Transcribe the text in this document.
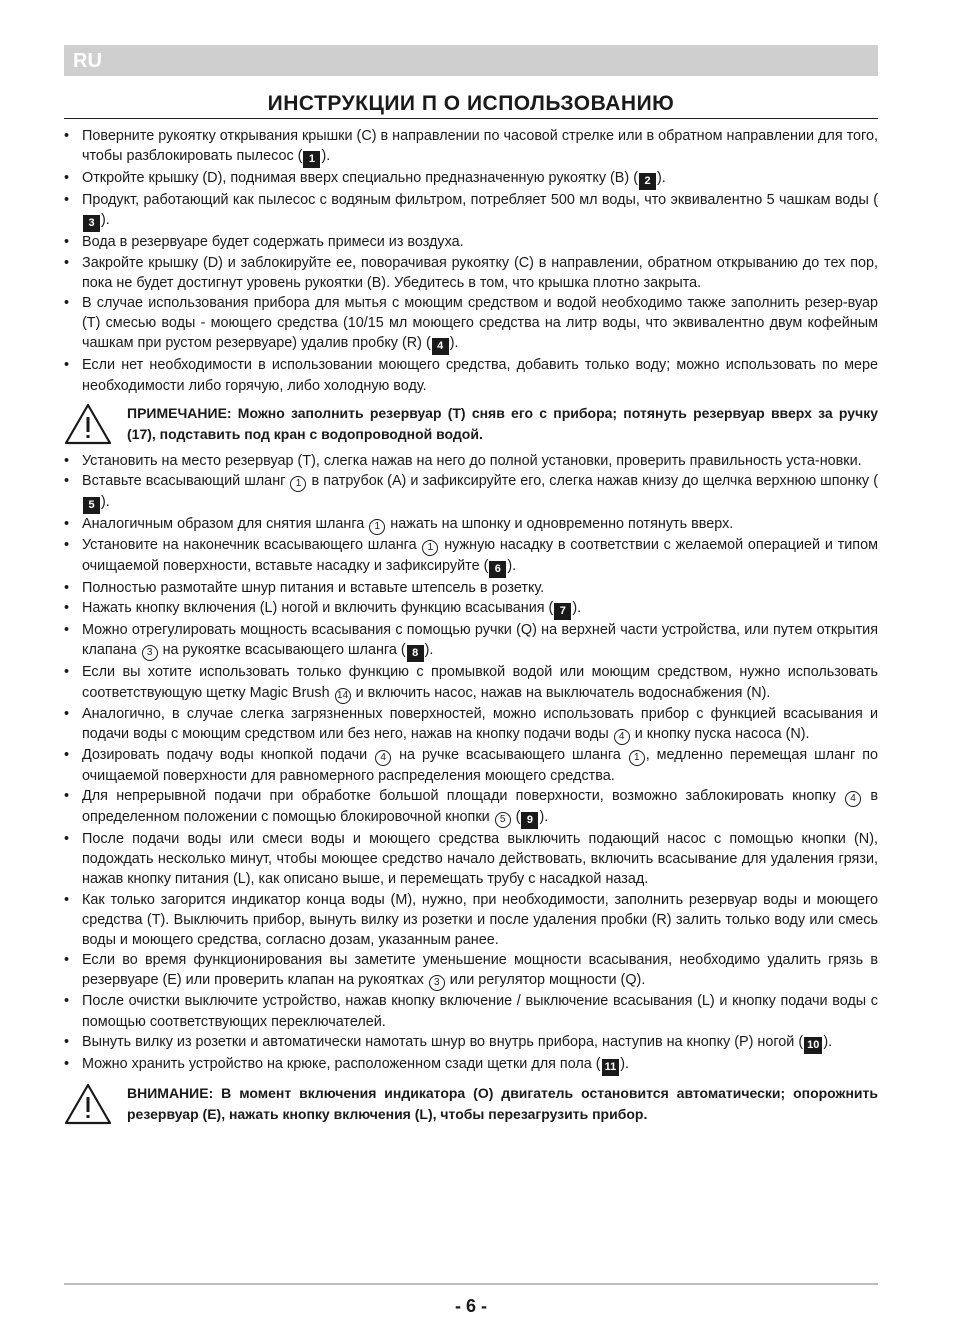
RU
ИНСТРУКЦИИ П О ИСПОЛЬЗОВАНИЮ
• Поверните рукоятку открывания крышки (C) в направлении по часовой стрелке или в обратном направлении для того, чтобы разблокировать пылесос ( 1 ).
• Откройте крышку (D), поднимая вверх специально предназначенную рукоятку (B) ( 2 ).
• Продукт, работающий как пылесос с водяным фильтром, потребляет 500 мл воды, что эквивалентно 5 чашкам воды (3 ).
• Вода в резервуаре будет содержать примеси из воздуха.
• Закройте крышку (D) и заблокируйте ее, поворачивая рукоятку (C) в направлении, обратном открыванию до тех пор, пока не будет достигнут уровень рукоятки (B). Убедитесь в том, что крышка плотно закрыта.
• В случае использования прибора для мытья с моющим средством и водой необходимо также заполнить резер-вуар (T) смесью воды - моющего средства (10/15 мл моющего средства на литр воды, что эквивалентно двум кофейным чашкам при рустом резервуаре) удалив пробку (R) ( 4 ).
• Если нет необходимости в использовании моющего средства, добавить только воду; можно использовать по мере необходимости либо горячую, либо холодную воду.
ПРИМЕЧАНИЕ: Можно заполнить резервуар (T) сняв его с прибора; потянуть резервуар вверх за ручку (17), подставить под кран с водопроводной водой.
• Установить на место резервуар (T), слегка нажав на него до полной установки, проверить правильность уста-новки.
• Вставьте всасывающий шланг 1 в патрубок (A) и зафиксируйте его, слегка нажав книзу до щелчка верхнюю шпонку (5 ).
• Аналогичным образом для снятия шланга 1 нажать на шпонку и одновременно потянуть вверх.
• Установите на наконечник всасывающего шланга 1 нужную насадку в соответствии с желаемой операцией и типом очищаемой поверхности, вставьте насадку и зафиксируйте ( 6 ).
• Полностью размотайте шнур питания и вставьте штепсель в розетку.
• Нажать кнопку включения (L) ногой и включить функцию всасывания ( 7 ).
• Можно отрегулировать мощность всасывания с помощью ручки (Q) на верхней части устройства, или путем открытия клапана 3 на рукоятке всасывающего шланга ( 8 ).
• Если вы хотите использовать только функцию с промывкой водой или моющим средством, нужно использовать соответствующую щетку Magic Brush 14 и включить насос, нажав на выключатель водоснабжения (N).
• Аналогично, в случае слегка загрязненных поверхностей, можно использовать прибор с функцией всасывания и подачи воды с моющим средством или без него, нажав на кнопку подачи воды 4 и кнопку пуска насоса (N).
• Дозировать подачу воды кнопкой подачи 4 на ручке всасывающего шланга 1 , медленно перемещая шланг по очищаемой поверхности для равномерного распределения моющего средства.
• Для непрерывной подачи при обработке большой площади поверхности, возможно заблокировать кнопку 4 в определенном положении с помощью блокировочной кнопки 5 ( 9 ).
• После подачи воды или смеси воды и моющего средства выключить подающий насос с помощью кнопки (N), подождать несколько минут, чтобы моющее средство начало действовать, включить всасывание для удаления грязи, нажав кнопку питания (L), как описано выше, и перемещать трубу с насадкой назад.
• Как только загорится индикатор конца воды (M), нужно, при необходимости, заполнить резервуар воды и моющего средства (T). Выключить прибор, вынуть вилку из розетки и после удаления пробки (R) залить только воду или смесь воды и моющего средства, согласно дозам, указанным ранее.
• Если во время функционирования вы заметите уменьшение мощности всасывания, необходимо удалить грязь в резервуаре (E) или проверить клапан на рукоятках 3 или регулятор мощности (Q).
• После очистки выключите устройство, нажав кнопку включение / выключение всасывания (L) и кнопку подачи воды с помощью соответствующих переключателей.
• Вынуть вилку из розетки и автоматически намотать шнур во внутрь прибора, наступив на кнопку (P) ногой ( 10 ).
• Можно хранить устройство на крюке, расположенном сзади щетки для пола ( 11 ).
ВНИМАНИЕ: В момент включения индикатора (O) двигатель остановится автоматически; опорожнить резервуар (E), нажать кнопку включения (L), чтобы перезагрузить прибор.
- 6 -
